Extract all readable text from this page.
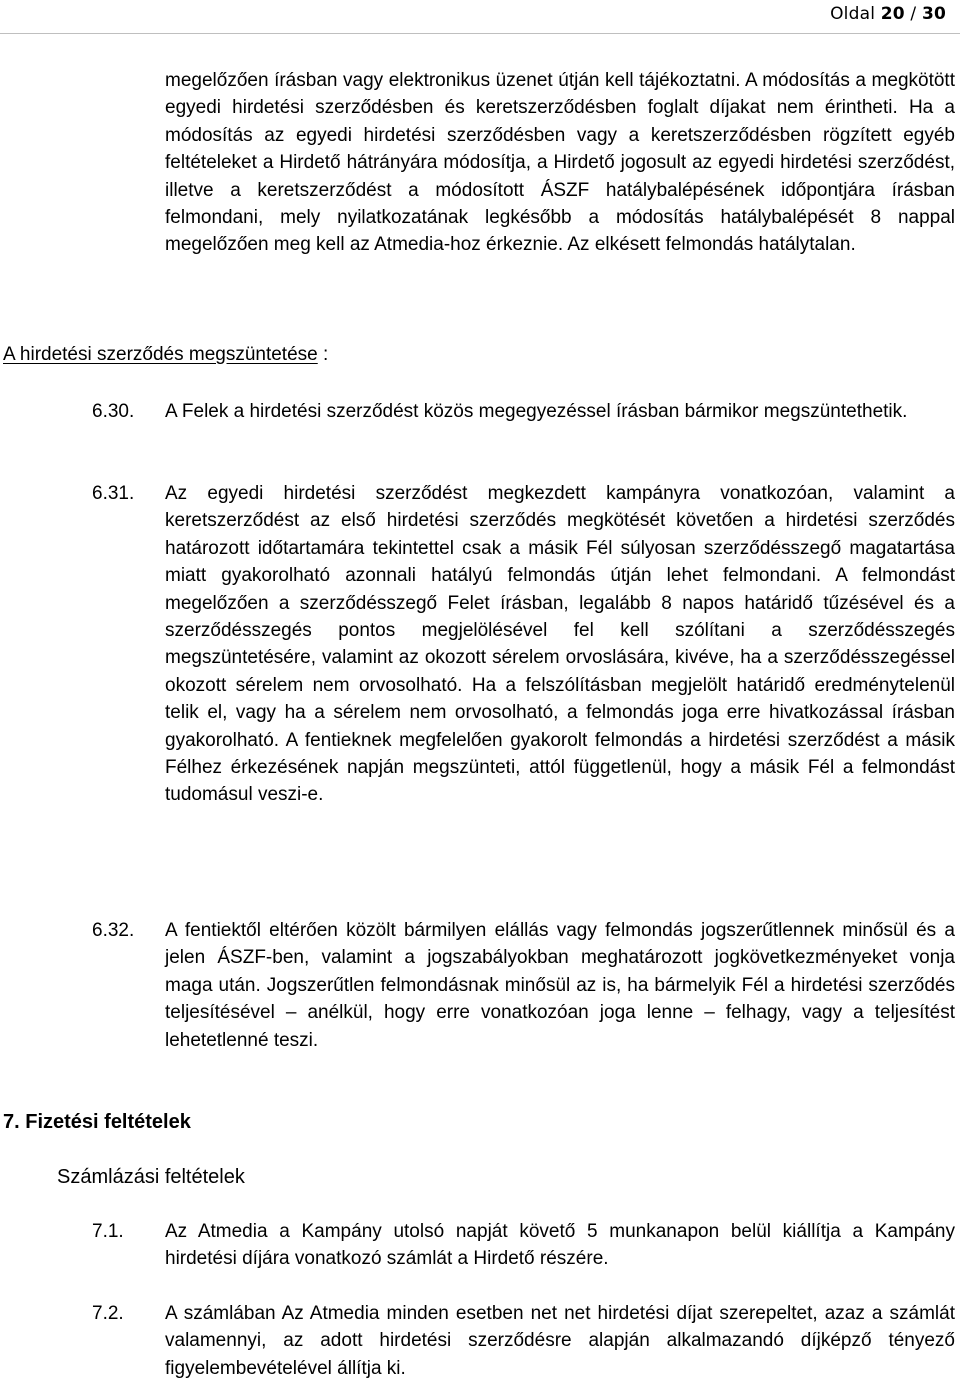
Oldal 20 / 30

megelőzően írásban vagy elektronikus üzenet útján kell tájékoztatni. A módosítás a megkötött egyedi hirdetési szerződésben és keretszerződésben foglalt díjakat nem érintheti. Ha a módosítás az egyedi hirdetési szerződésben vagy a keretszerződésben rögzített egyéb feltételeket a Hirdető hátrányára módosítja, a Hirdető jogosult az egyedi hirdetési szerződést, illetve a keretszerződést a módosított ÁSZF hatálybalépésének időpontjára írásban felmondani, mely nyilatkozatának legkésőbb a módosítás hatálybalépését 8 nappal megelőzően meg kell az Atmedia-hoz érkeznie. Az elkésett felmondás hatálytalan.

A hirdetési szerződés megszüntetése :
6.30. A Felek a hirdetési szerződést közös megegyezéssel írásban bármikor megszüntethetik.

6.31. Az egyedi hirdetési szerződést megkezdett kampányra vonatkozóan, valamint a keretszerződést az első hirdetési szerződés megkötését követően a hirdetési szerződés határozott időtartamára tekintettel csak a másik Fél súlyosan szerződésszegő magatartása miatt gyakorolható azonnali hatályú felmondás útján lehet felmondani. A felmondást megelőzően a szerződésszegő Felet írásban, legalább 8 napos határidő tűzésével és a szerződésszegés pontos megjelölésével fel kell szólítani a szerződésszegés megszüntetésére, valamint az okozott sérelem orvoslására, kivéve, ha a szerződésszegéssel okozott sérelem nem orvosolható. Ha a felszólításban megjelölt határidő eredménytelenül telik el, vagy ha a sérelem nem orvosolható, a felmondás joga erre hivatkozással írásban gyakorolható. A fentieknek megfelelően gyakorolt felmondás a hirdetési szerződést a másik Félhez érkezésének napján megszünteti, attól függetlenül, hogy a másik Fél a felmondást tudomásul veszi-e.

6.32. A fentiektől eltérően közölt bármilyen elállás vagy felmondás jogszerűtlennek minősül és a jelen ÁSZF-ben, valamint a jogszabályokban meghatározott jogkövetkezményeket vonja maga után. Jogszerűtlen felmondásnak minősül az is, ha bármelyik Fél a hirdetési szerződés teljesítésével – anélkül, hogy erre vonatkozóan joga lenne – felhagy, vagy a teljesítést lehetetlenné teszi.

7. Fizetési feltételek
Számlázási feltételek
7.1. Az Atmedia a Kampány utolsó napját követő 5 munkanapon belül kiállítja a Kampány hirdetési díjára vonatkozó számlát a Hirdető részére.

7.2. A számlában Az Atmedia minden esetben net net hirdetési díjat szerepeltet, azaz a számlát valamennyi, az adott hirdetési szerződésre alapján alkalmazandó díjképző tényező figyelembevételével állítja ki.
